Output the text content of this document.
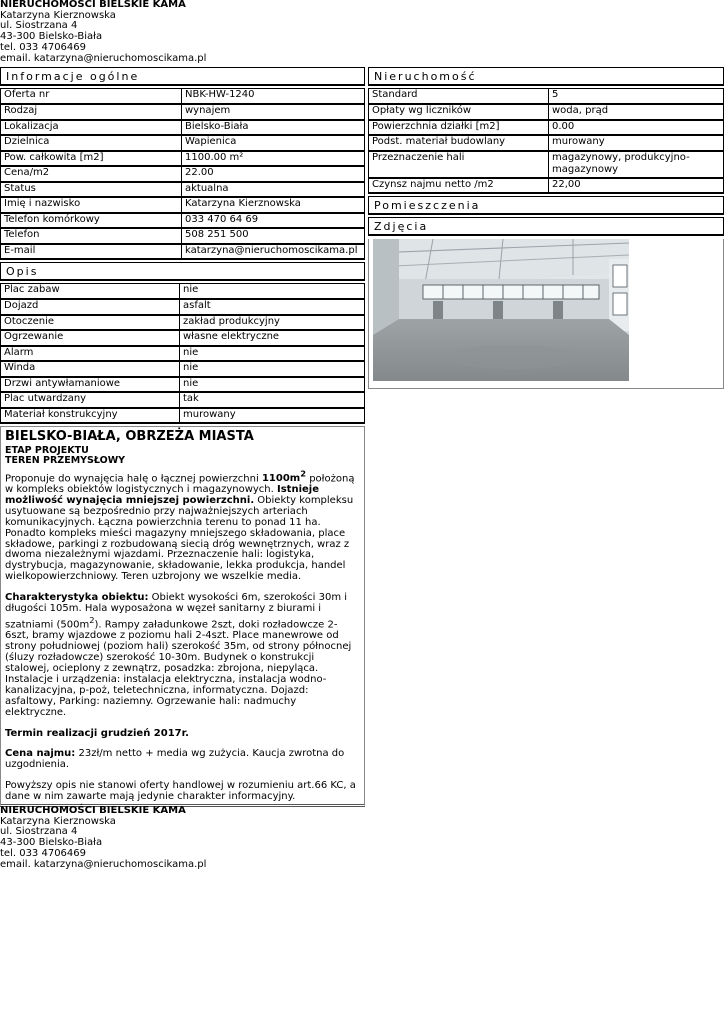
NIERUCHOMOŚCI BIELSKIE KAMA
Katarzyna Kierznowska
ul. Siostrzana 4
43-300 Bielsko-Biała
tel. 033 4706469
email. katarzyna@nieruchomoscikama.pl
Informacje ogólne
Oferta nr	NBK-HW-1240
Rodzaj	wynajem
Lokalizacja	Bielsko-Biała
Dzielnica	Wapienica
Pow. całkowita [m2]	1100.00 m²
Cena/m2	22.00
Status	aktualna
Imię i nazwisko	Katarzyna Kierznowska
Telefon komórkowy	033 470 64 69
Telefon	508 251 500
E-mail	katarzyna@nieruchomoscikama.pl
Opis
Plac zabaw	nie
Dojazd	asfalt
Otoczenie	zakład produkcyjny
Ogrzewanie	własne elektryczne
Alarm	nie
Winda	nie
Drzwi antywłamaniowe	nie
Plac utwardzany	tak
Materiał konstrukcyjny	murowany
BIELSKO-BIAŁA, OBRZEŻA MIASTA
ETAP PROJEKTU
TEREN PRZEMYSŁOWY

Proponuje do wynajęcia halę o łącznej powierzchni $1100m^2$ położoną w kompleks obiektów logistycznych i magazynowych. Istnieje możliwość wynajęcia mniejszej powierzchni. Obiekty kompleksu usytuowane są bezpośrednio przy najważniejszych arteriach komunikacyjnych. Łączna powierzchnia terenu to ponad 11 ha. Ponadto kompleks mieści magazyny mniejszego składowania, place składowe, parkingi z rozbudowaną siecią dróg wewnętrznych, wraz z dwoma niezależnymi wjazdami. Przeznaczenie hali: logistyka, dystrybucja, magazynowanie, składowanie, lekka produkcja, handel wielkopowierzchniowy. Teren uzbrojony we wszelkie media.

Charakterystyka obiektu: Obiekt wysokości 6m, szerokości 30m i długości 105m. Hala wyposażona w węzeł sanitarny z biurami i szatniami $(500m^2)$. Rampy załadunkowe 2szt, doki rozładowcze 2-6szt, bramy wjazdowe z poziomu hali 2-4szt. Place manewrowe od strony południowej (poziom hali) szerokość 35m, od strony północnej (śluzy rozładowcze) szerokość 10-30m. Budynek o konstrukcji stalowej, ocieplony z zewnątrz, posadzka: zbrojona, niepyląca. Instalacje i urządzenia: instalacja elektryczna, instalacja wodno-kanalizacyjna, p-poż, teletechniczna, informatyczna. Dojazd: asfaltowy, Parking: naziemny. Ogrzewanie hali: nadmuchy elektryczne.

Termin realizacji grudzień 2017r.

Cena najmu: 23zł/m netto + media wg zużycia. Kaucja zwrotna do uzgodnienia.

Powyższy opis nie stanowi oferty handlowej w rozumieniu art.66 KC, a dane w nim zawarte mają jedynie charakter informacyjny.

Nieruchomość
Standard	5
Opłaty wg liczników	woda, prąd
Powierzchnia działki [m2]	0.00
Podst. materiał budowlany	murowany
Przeznaczenie hali	magazynowy, produkcyjno-magazynowy
Czynsz najmu netto /m2	22,00
Pomieszczenia
Zdjęcia
NIERUCHOMOŚCI BIELSKIE KAMA
Katarzyna Kierznowska
ul. Siostrzana 4
43-300 Bielsko-Biała
tel. 033 4706469
email. katarzyna@nieruchomoscikama.pl
